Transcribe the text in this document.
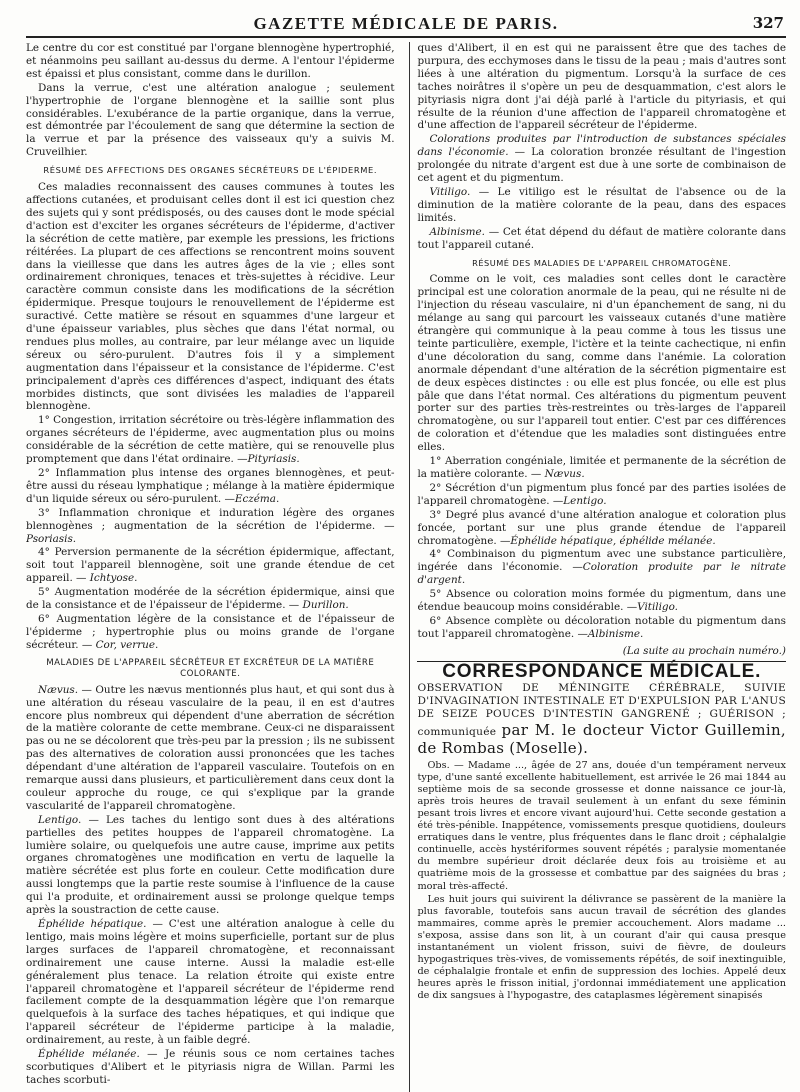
GAZETTE MÉDICALE DE PARIS.	327

Le centre du cor est constitué par l'organe blennogène hypertrophié, et néanmoins peu saillant au-dessus du derme. A l'entour l'épiderme est épaissi et plus consistant, comme dans le durillon.

Dans la verrue, c'est une altération analogue ; seulement l'hypertrophie de l'organe blennogène et la saillie sont plus considérables. L'exubérance de la partie organique, dans la verrue, est démontrée par l'écoulement de sang que détermine la section de la verrue et par la présence des vaisseaux qu'y a suivis M. Cruveilhier.

RÉSUMÉ DES AFFECTIONS DES ORGANES SÉCRÉTEURS DE L'ÉPIDERME.

Ces maladies reconnaissent des causes communes à toutes les affections cutanées, et produisant celles dont il est ici question chez des sujets qui y sont prédisposés, ou des causes dont le mode spécial d'action est d'exciter les organes sécréteurs de l'épiderme, d'activer la sécrétion de cette matière, par exemple les pressions, les frictions réitérées. La plupart de ces affections se rencontrent moins souvent dans la vieillesse que dans les autres âges de la vie ; elles sont ordinairement chroniques, tenaces et très-sujettes à récidive. Leur caractère commun consiste dans les modifications de la sécrétion épidermique. Presque toujours le renouvellement de l'épiderme est suractivé. Cette matière se résout en squammes d'une largeur et d'une épaisseur variables, plus sèches que dans l'état normal, ou rendues plus molles, au contraire, par leur mélange avec un liquide séreux ou séro-purulent. D'autres fois il y a simplement augmentation dans l'épaisseur et la consistance de l'épiderme. C'est principalement d'après ces différences d'aspect, indiquant des états morbides distincts, que sont divisées les maladies de l'appareil blennogène.

1° Congestion, irritation sécrétoire ou très-légère inflammation des organes sécréteurs de l'épiderme, avec augmentation plus ou moins considérable de la sécrétion de cette matière, qui se renouvelle plus promptement que dans l'état ordinaire. —Pityriasis.

2° Inflammation plus intense des organes blennogènes, et peut-être aussi du réseau lymphatique ; mélange à la matière épidermique d'un liquide séreux ou séro-purulent. —Eczéma.

3° Inflammation chronique et induration légère des organes blennogènes ; augmentation de la sécrétion de l'épiderme. —Psoriasis.

4° Perversion permanente de la sécrétion épidermique, affectant, soit tout l'appareil blennogène, soit une grande étendue de cet appareil. — Ichtyose.

5° Augmentation modérée de la sécrétion épidermique, ainsi que de la consistance et de l'épaisseur de l'épiderme. — Durillon.

6° Augmentation légère de la consistance et de l'épaisseur de l'épiderme ; hypertrophie plus ou moins grande de l'organe sécréteur. — Cor, verrue.

MALADIES DE L'APPAREIL SÉCRÉTEUR ET EXCRÉTEUR DE LA MATIÈRE COLORANTE.

Nævus. — Outre les nævus mentionnés plus haut, et qui sont dus à une altération du réseau vasculaire de la peau, il en est d'autres encore plus nombreux qui dépendent d'une aberration de sécrétion de la matière colorante de cette membrane. Ceux-ci ne disparaissent pas ou ne se décolorent que très-peu par la pression ; ils ne subissent pas des alternatives de coloration aussi prononcées que les taches dépendant d'une altération de l'appareil vasculaire. Toutefois on en remarque aussi dans plusieurs, et particulièrement dans ceux dont la couleur approche du rouge, ce qui s'explique par la grande vascularité de l'appareil chromatogène.

Lentigo. — Les taches du lentigo sont dues à des altérations partielles des petites houppes de l'appareil chromatogène. La lumière solaire, ou quelquefois une autre cause, imprime aux petits organes chromatogènes une modification en vertu de laquelle la matière sécrétée est plus forte en couleur. Cette modification dure aussi longtemps que la partie reste soumise à l'influence de la cause qui l'a produite, et ordinairement aussi se prolonge quelque temps après la soustraction de cette cause.

Éphélide hépatique. — C'est une altération analogue à celle du lentigo, mais moins légère et moins superficielle, portant sur de plus larges surfaces de l'appareil chromatogène, et reconnaissant ordinairement une cause interne. Aussi la maladie est-elle généralement plus tenace. La relation étroite qui existe entre l'appareil chromatogène et l'appareil sécréteur de l'épiderme rend facilement compte de la desquammation légère que l'on remarque quelquefois à la surface des taches hépatiques, et qui indique que l'appareil sécréteur de l'épiderme participe à la maladie, ordinairement, au reste, à un faible degré.

Éphélide mélanée. — Je réunis sous ce nom certaines taches scorbutiques d'Alibert et le pityriasis nigra de Willan. Parmi les taches scorbuti-

ques d'Alibert, il en est qui ne paraissent être que des taches de purpura, des ecchymoses dans le tissu de la peau ; mais d'autres sont liées à une altération du pigmentum. Lorsqu'à la surface de ces taches noirâtres il s'opère un peu de desquammation, c'est alors le pityriasis nigra dont j'ai déjà parlé à l'article du pityriasis, et qui résulte de la réunion d'une affection de l'appareil chromatogène et d'une affection de l'appareil sécréteur de l'épiderme.

Colorations produites par l'introduction de substances spéciales dans l'économie. — La coloration bronzée résultant de l'ingestion prolongée du nitrate d'argent est due à une sorte de combinaison de cet agent et du pigmentum.

Vitiligo. — Le vitiligo est le résultat de l'absence ou de la diminution de la matière colorante de la peau, dans des espaces limités.

Albinisme. — Cet état dépend du défaut de matière colorante dans tout l'appareil cutané.

RÉSUMÉ DES MALADIES DE L'APPAREIL CHROMATOGÈNE.

Comme on le voit, ces maladies sont celles dont le caractère principal est une coloration anormale de la peau, qui ne résulte ni de l'injection du réseau vasculaire, ni d'un épanchement de sang, ni du mélange au sang qui parcourt les vaisseaux cutanés d'une matière étrangère qui communique à la peau comme à tous les tissus une teinte particulière, exemple, l'ictère et la teinte cachectique, ni enfin d'une décoloration du sang, comme dans l'anémie. La coloration anormale dépendant d'une altération de la sécrétion pigmentaire est de deux espèces distinctes : ou elle est plus foncée, ou elle est plus pâle que dans l'état normal. Ces altérations du pigmentum peuvent porter sur des parties très-restreintes ou très-larges de l'appareil chromatogène, ou sur l'appareil tout entier. C'est par ces différences de coloration et d'étendue que les maladies sont distinguées entre elles.

1° Aberration congéniale, limitée et permanente de la sécrétion de la matière colorante. — Nævus.

2° Sécrétion d'un pigmentum plus foncé par des parties isolées de l'appareil chromatogène. —Lentigo.

3° Degré plus avancé d'une altération analogue et coloration plus foncée, portant sur une plus grande étendue de l'appareil chromatogène. —Éphélide hépatique, éphélide mélanée.

4° Combinaison du pigmentum avec une substance particulière, ingérée dans l'économie. —Coloration produite par le nitrate d'argent.

5° Absence ou coloration moins formée du pigmentum, dans une étendue beaucoup moins considérable. —Vitiligo.

6° Absence complète ou décoloration notable du pigmentum dans tout l'appareil chromatogène. —Albinisme.

(La suite au prochain numéro.)
CORRESPONDANCE MÉDICALE.
OBSERVATION DE MÉNINGITE CÉRÉBRALE, SUIVIE D'INVAGINATION INTESTINALE ET D'EXPULSION PAR L'ANUS DE SEIZE POUCES D'INTESTIN GANGRENÉ ; GUÉRISON ; communiquée par M. le docteur Victor Guillemin, de Rombas (Moselle).

Obs. — Madame ..., âgée de 27 ans, douée d'un tempérament nerveux type, d'une santé excellente habituellement, est arrivée le 26 mai 1844 au septième mois de sa seconde grossesse et donne naissance ce jour-là, après trois heures de travail seulement à un enfant du sexe féminin pesant trois livres et encore vivant aujourd'hui. Cette seconde gestation a été très-pénible. Inappétence, vomissements presque quotidiens, douleurs erratiques dans le ventre, plus fréquentes dans le flanc droit ; céphalalgie continuelle, accès hystériformes souvent répétés ; paralysie momentanée du membre supérieur droit déclarée deux fois au troisième et au quatrième mois de la grossesse et combattue par des saignées du bras ; moral très-affecté.

Les huit jours qui suivirent la délivrance se passèrent de la manière la plus favorable, toutefois sans aucun travail de sécrétion des glandes mammaires, comme après le premier accouchement. Alors madame ... s'exposa, assise dans son lit, à un courant d'air qui causa presque instantanément un violent frisson, suivi de fièvre, de douleurs hypogastriques très-vives, de vomissements répétés, de soif inextinguible, de céphalalgie frontale et enfin de suppression des lochies. Appelé deux heures après le frisson initial, j'ordonnai immédiatement une application de dix sangsues à l'hypogastre, des cataplasmes légèrement sinapisés
